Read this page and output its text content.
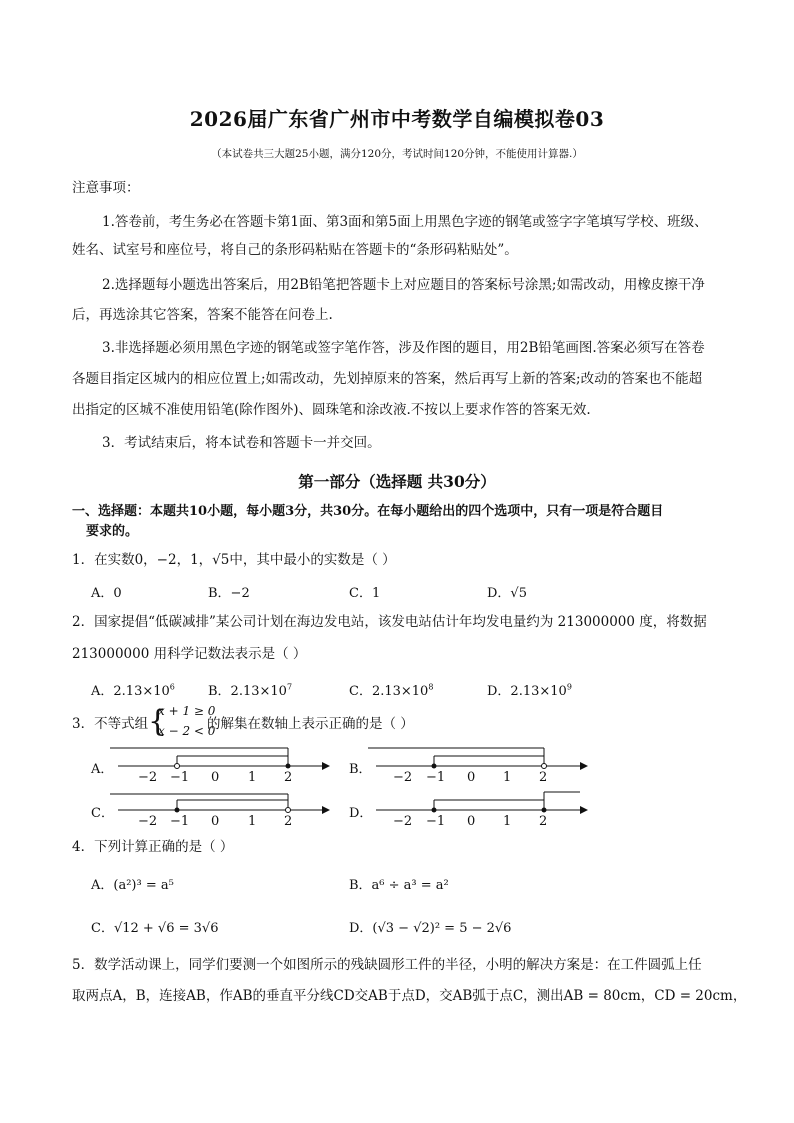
2026届广东省广州市中考数学自编模拟卷03
（本试卷共三大题25小题，满分120分，考试时间120分钟，不能使用计算器.）
注意事项：
1.答卷前，考生务必在答题卡第1面、第3面和第5面上用黑色字迹的钢笔或签字字笔填写学校、班级、
姓名、试室号和座位号，将自己的条形码粘贴在答题卡的“条形码粘贴处”。
2.选择题每小题选出答案后，用2B铅笔把答题卡上对应题目的答案标号涂黑;如需改动，用橡皮擦干净
后，再选涂其它答案，答案不能答在问卷上.
3.非选择题必须用黑色字迹的钢笔或签字笔作答，涉及作图的题目，用2B铅笔画图.答案必须写在答卷
各题目指定区城内的相应位置上;如需改动，先划掉原来的答案，然后再写上新的答案;改动的答案也不能超
出指定的区城不准使用铅笔(除作图外)、圆珠笔和涂改液.不按以上要求作答的答案无效.
3．考试结束后，将本试卷和答题卡一并交回。
第一部分（选择题 共30分）
一、选择题：本题共10小题，每小题3分，共30分。在每小题给出的四个选项中，只有一项是符合题目
要求的。
1．在实数0，−2，1，√5中，其中最小的实数是（ ）
A．0	B．−2	C．1	D．√5
2．国家提倡“低碳减排”某公司计划在海边发电站，该发电站估计年均发电量约为 213000000 度，将数据
213000000 用科学记数法表示是（ ）
A．$2.13\times 10^6$	B．$2.13\times 10^7$	C．$2.13\times 10^8$	D．$2.13\times 10^9$
3．不等式组 {
x + 1 ≥ 0
x − 2 < 0
的解集在数轴上表示正确的是（ ）
A．	B．
C．	D．
−2 −1 0 1 2	−2 −1 0 1 2
−2 −1 0 1 2	−2 −1 0 1 2
4．下列计算正确的是（ ）
A．(a²)³ = a⁵	B．a⁶ ÷ a³ = a²
C．√12 + √6 = 3√6	D．(√3 − √2)² = 5 − 2√6
5．数学活动课上，同学们要测一个如图所示的残缺圆形工件的半径，小明的解决方案是：在工件圆弧上任
取两点A，B，连接AB，作AB的垂直平分线CD交AB于点D，交AB弧于点C，测出AB = 80cm，CD = 20cm，
